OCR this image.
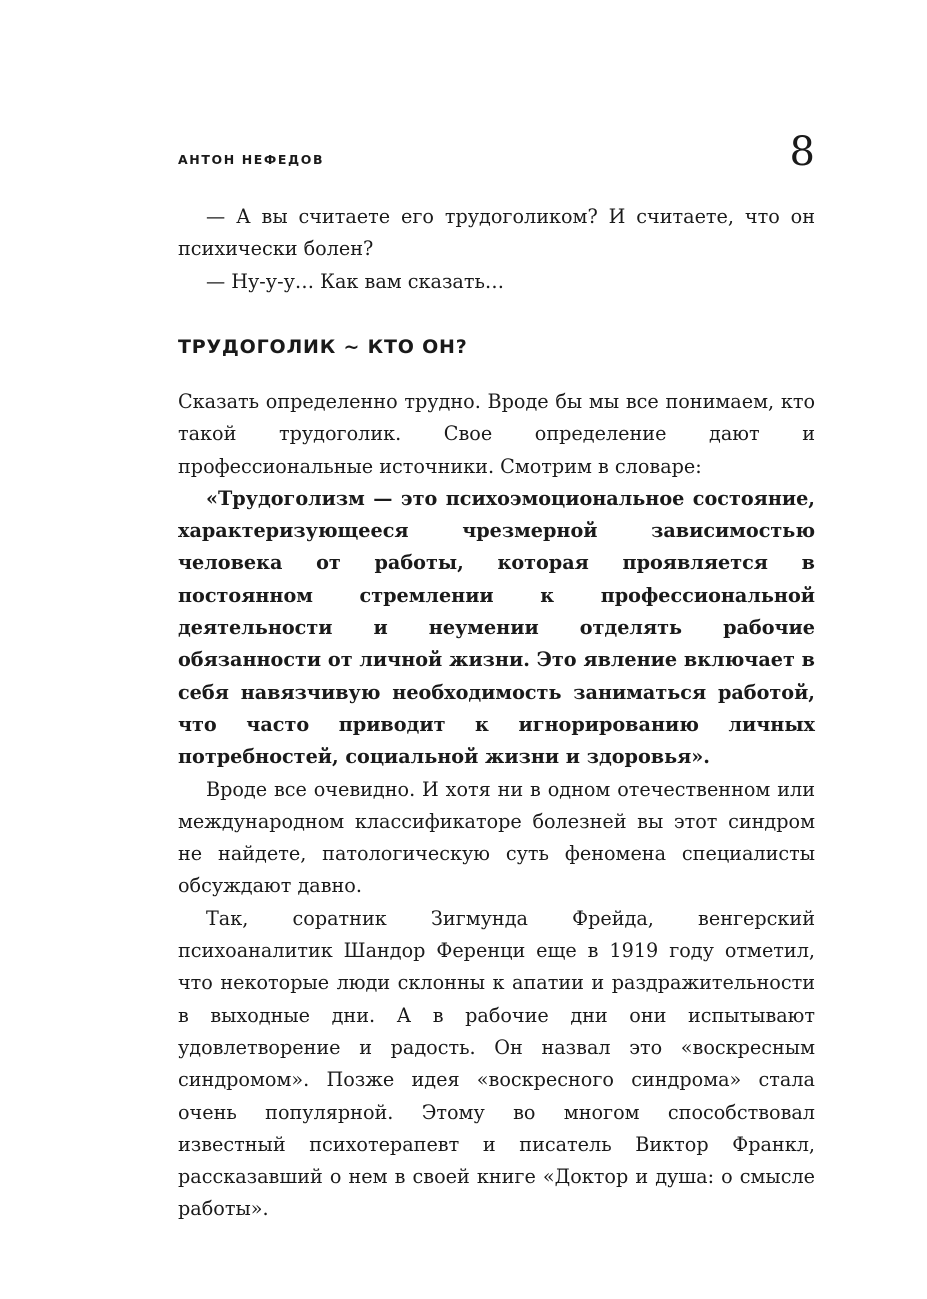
АНТОН НЕФЕДОВ	8

— А вы считаете его трудоголиком? И считаете, что он психически болен?

— Ну-у-у… Как вам сказать…

ТРУДОГОЛИК ~ КТО ОН?

Сказать определенно трудно. Вроде бы мы все понимаем, кто такой трудоголик. Свое определение дают и профессиональные источники. Смотрим в словаре:

«Трудоголизм — это психоэмоциональное состояние, характеризующееся чрезмерной зависимостью человека от работы, которая проявляется в постоянном стремлении к профессиональной деятельности и неумении отделять рабочие обязанности от личной жизни. Это явление включает в себя навязчивую необходимость заниматься работой, что часто приводит к игнорированию личных потребностей, социальной жизни и здоровья».

Вроде все очевидно. И хотя ни в одном отечественном или международном классификаторе болезней вы этот синдром не найдете, патологическую суть феномена специалисты обсуждают давно.

Так, соратник Зигмунда Фрейда, венгерский психоаналитик Шандор Ференци еще в 1919 году отметил, что некоторые люди склонны к апатии и раздражительности в выходные дни. А в рабочие дни они испытывают удовлетворение и радость. Он назвал это «воскресным синдромом». Позже идея «воскресного синдрома» стала очень популярной. Этому во многом способствовал известный психотерапевт и писатель Виктор Франкл, рассказавший о нем в своей книге «Доктор и душа: о смысле работы».
